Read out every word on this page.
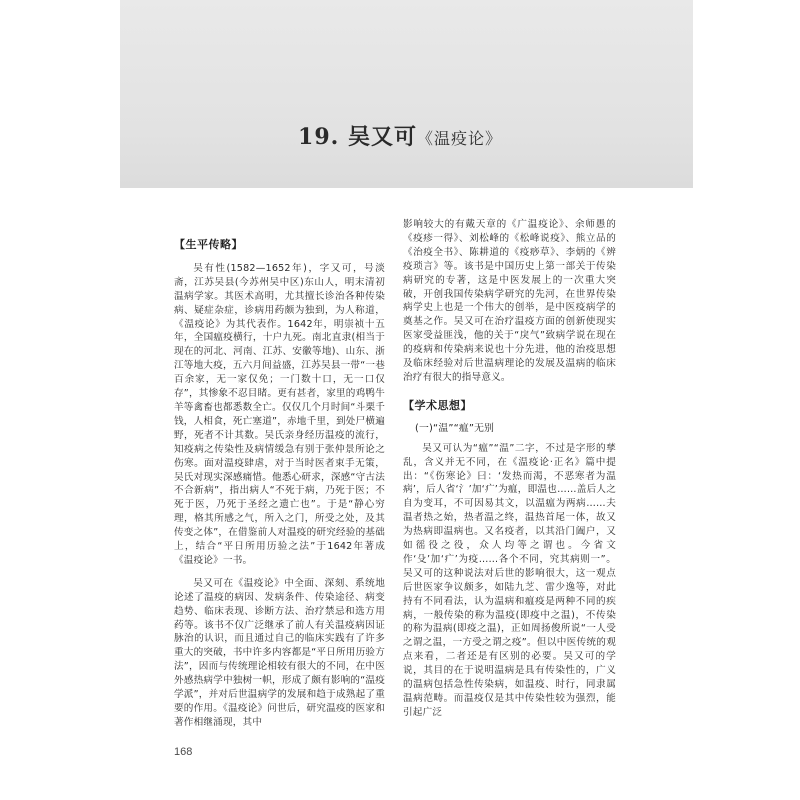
19. 吴又可《温疫论》

【生平传略】

吴有性(1582—1652年)，字又可，号淡斋，江苏吴县(今苏州吴中区)东山人，明末清初温病学家。其医术高明，尤其擅长诊治各种传染病、疑症杂症，诊病用药颇为独到，为人称道，《温疫论》为其代表作。1642年，明崇祯十五年，全国瘟疫横行，十户九死。南北直隶(相当于现在的河北、河南、江苏、安徽等地)、山东、浙江等地大疫，五六月间益盛，江苏吴县一带“一巷百余家，无一家仅免；一门数十口，无一口仅存”，其惨象不忍目睹。更有甚者，家里的鸡鸭牛羊等禽畜也都悉数全亡。仅仅几个月时间“斗栗千钱，人相食，死亡塞道”，赤地千里，到处尸横遍野，死者不计其数。吴氏亲身经历温疫的流行，知疫病之传染性及病情缓急有别于张仲景所论之伤寒。面对温疫肆虐，对于当时医者束手无策，吴氏对现实深感痛惜。他悉心研求，深感“守古法不合新病”，指出病人“不死于病，乃死于医；不死于医，乃死于圣经之遗亡也”。于是“静心穷理，格其所感之气，所入之门，所受之处，及其传变之体”，在借鉴前人对温疫的研究经验的基础上，结合“平日所用历验之法”于1642年著成《温疫论》一书。

吴又可在《温疫论》中全面、深刻、系统地论述了温疫的病因、发病条件、传染途径、病变趋势、临床表现、诊断方法、治疗禁忌和选方用药等。该书不仅广泛继承了前人有关温疫病因证脉治的认识，而且通过自己的临床实践有了许多重大的突破，书中许多内容都是“平日所用历验方法”，因而与传统理论相较有很大的不同，在中医外感热病学中独树一帜，形成了颇有影响的“温疫学派”，并对后世温病学的发展和趋于成熟起了重要的作用。《温疫论》问世后，研究温疫的医家和著作相继涌现，其中

影响较大的有戴天章的《广温疫论》、余师愚的《疫疹一得》、刘松峰的《松峰说疫》、熊立品的《治疫全书》、陈耕道的《疫痧草》、李炳的《辨疫琐言》等。该书是中国历史上第一部关于传染病研究的专著，这是中医发展上的一次重大突破，开创我国传染病学研究的先河，在世界传染病学史上也是一个伟大的创举，是中医疫病学的奠基之作。吴又可在治疗温疫方面的创新使现实医家受益匪浅，他的关于“戾气”致病学说在现在的疫病和传染病来说也十分先进，他的治疫思想及临床经验对后世温病理论的发展及温病的临床治疗有很大的指导意义。

【学术思想】

(一)“温”“瘟”无别

吴又可认为“瘟”“温”二字，不过是字形的孳乱，含义并无不同，在《温疫论·正名》篇中提出：“《伤寒论》曰：‘发热而渴，不恶寒者为温病’，后人省‘氵’加‘疒’为瘟，即温也……盖后人之自为变耳，不可因易其文，以温瘟为两病……夫温者热之始，热者温之终，温热首尾一体，故又为热病即温病也。又名疫者，以其沿门阖户，又如徭役之役，众人均等之谓也。今省文作‘殳’加‘疒’为疫……各个不同，究其病则一”。吴又可的这种说法对后世的影响很大，这一观点后世医家争议颇多，如陆九芝、雷少逸等，对此持有不同看法，认为温病和瘟疫是两种不同的疾病，一般传染的称为温疫(即疫中之温)，不传染的称为温病(即疫之温)，正如周扬俊所说“一人受之谓之温，一方受之谓之疫”。但以中医传统的观点来看，二者还是有区别的必要。吴又可的学说，其目的在于说明温病是具有传染性的，广义的温病包括急性传染病，如温疫、时行，同隶属温病范畴。而温疫仅是其中传染性较为强烈，能引起广泛

168
